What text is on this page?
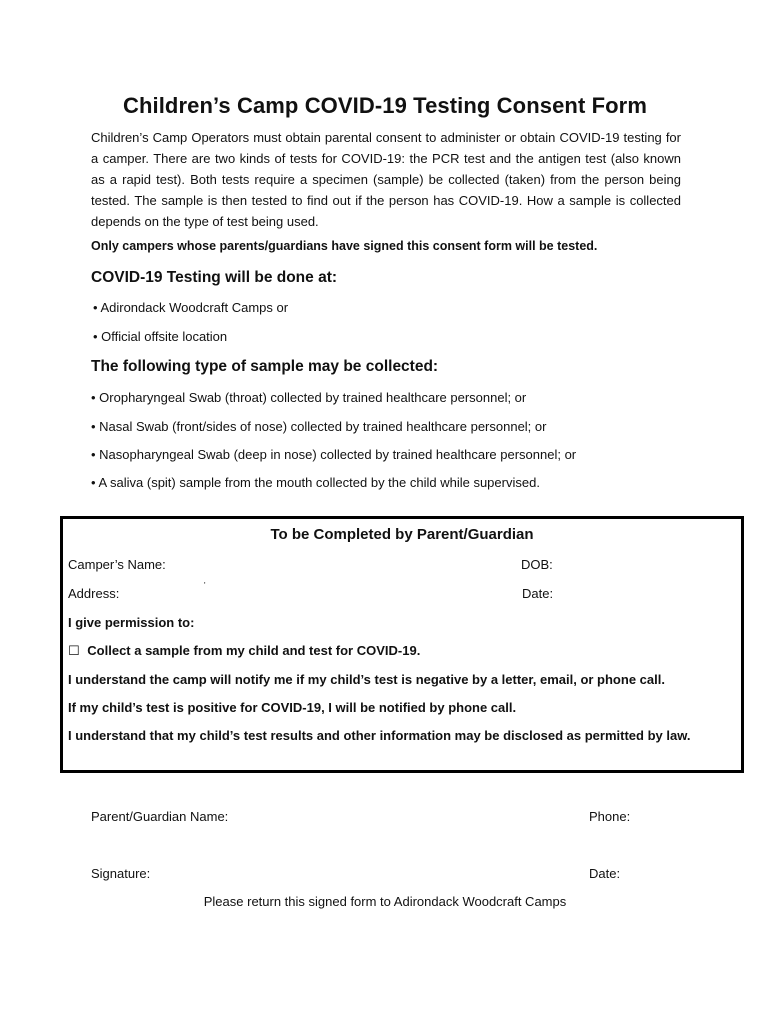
Children’s Camp COVID-19 Testing Consent Form
Children’s Camp Operators must obtain parental consent to administer or obtain COVID-19 testing for a camper. There are two kinds of tests for COVID-19: the PCR test and the antigen test (also known as a rapid test). Both tests require a specimen (sample) be collected (taken) from the person being tested. The sample is then tested to find out if the person has COVID-19. How a sample is collected depends on the type of test being used.
Only campers whose parents/guardians have signed this consent form will be tested.
COVID-19 Testing will be done at:
• Adirondack Woodcraft Camps or
• Official offsite location
The following type of sample may be collected:
• Oropharyngeal Swab (throat) collected by trained healthcare personnel; or
• Nasal Swab (front/sides of nose) collected by trained healthcare personnel; or
• Nasopharyngeal Swab (deep in nose) collected by trained healthcare personnel; or
• A saliva (spit) sample from the mouth collected by the child while supervised.
To be Completed by Parent/Guardian
Camper’s Name:	DOB:
'
Address:	Date:
I give permission to:
☐ Collect a sample from my child and test for COVID-19.
I understand the camp will notify me if my child’s test is negative by a letter, email, or phone call.
If my child’s test is positive for COVID-19, I will be notified by phone call.
I understand that my child’s test results and other information may be disclosed as permitted by law.
Parent/Guardian Name:	Phone:
Signature:	Date:
Please return this signed form to Adirondack Woodcraft Camps
